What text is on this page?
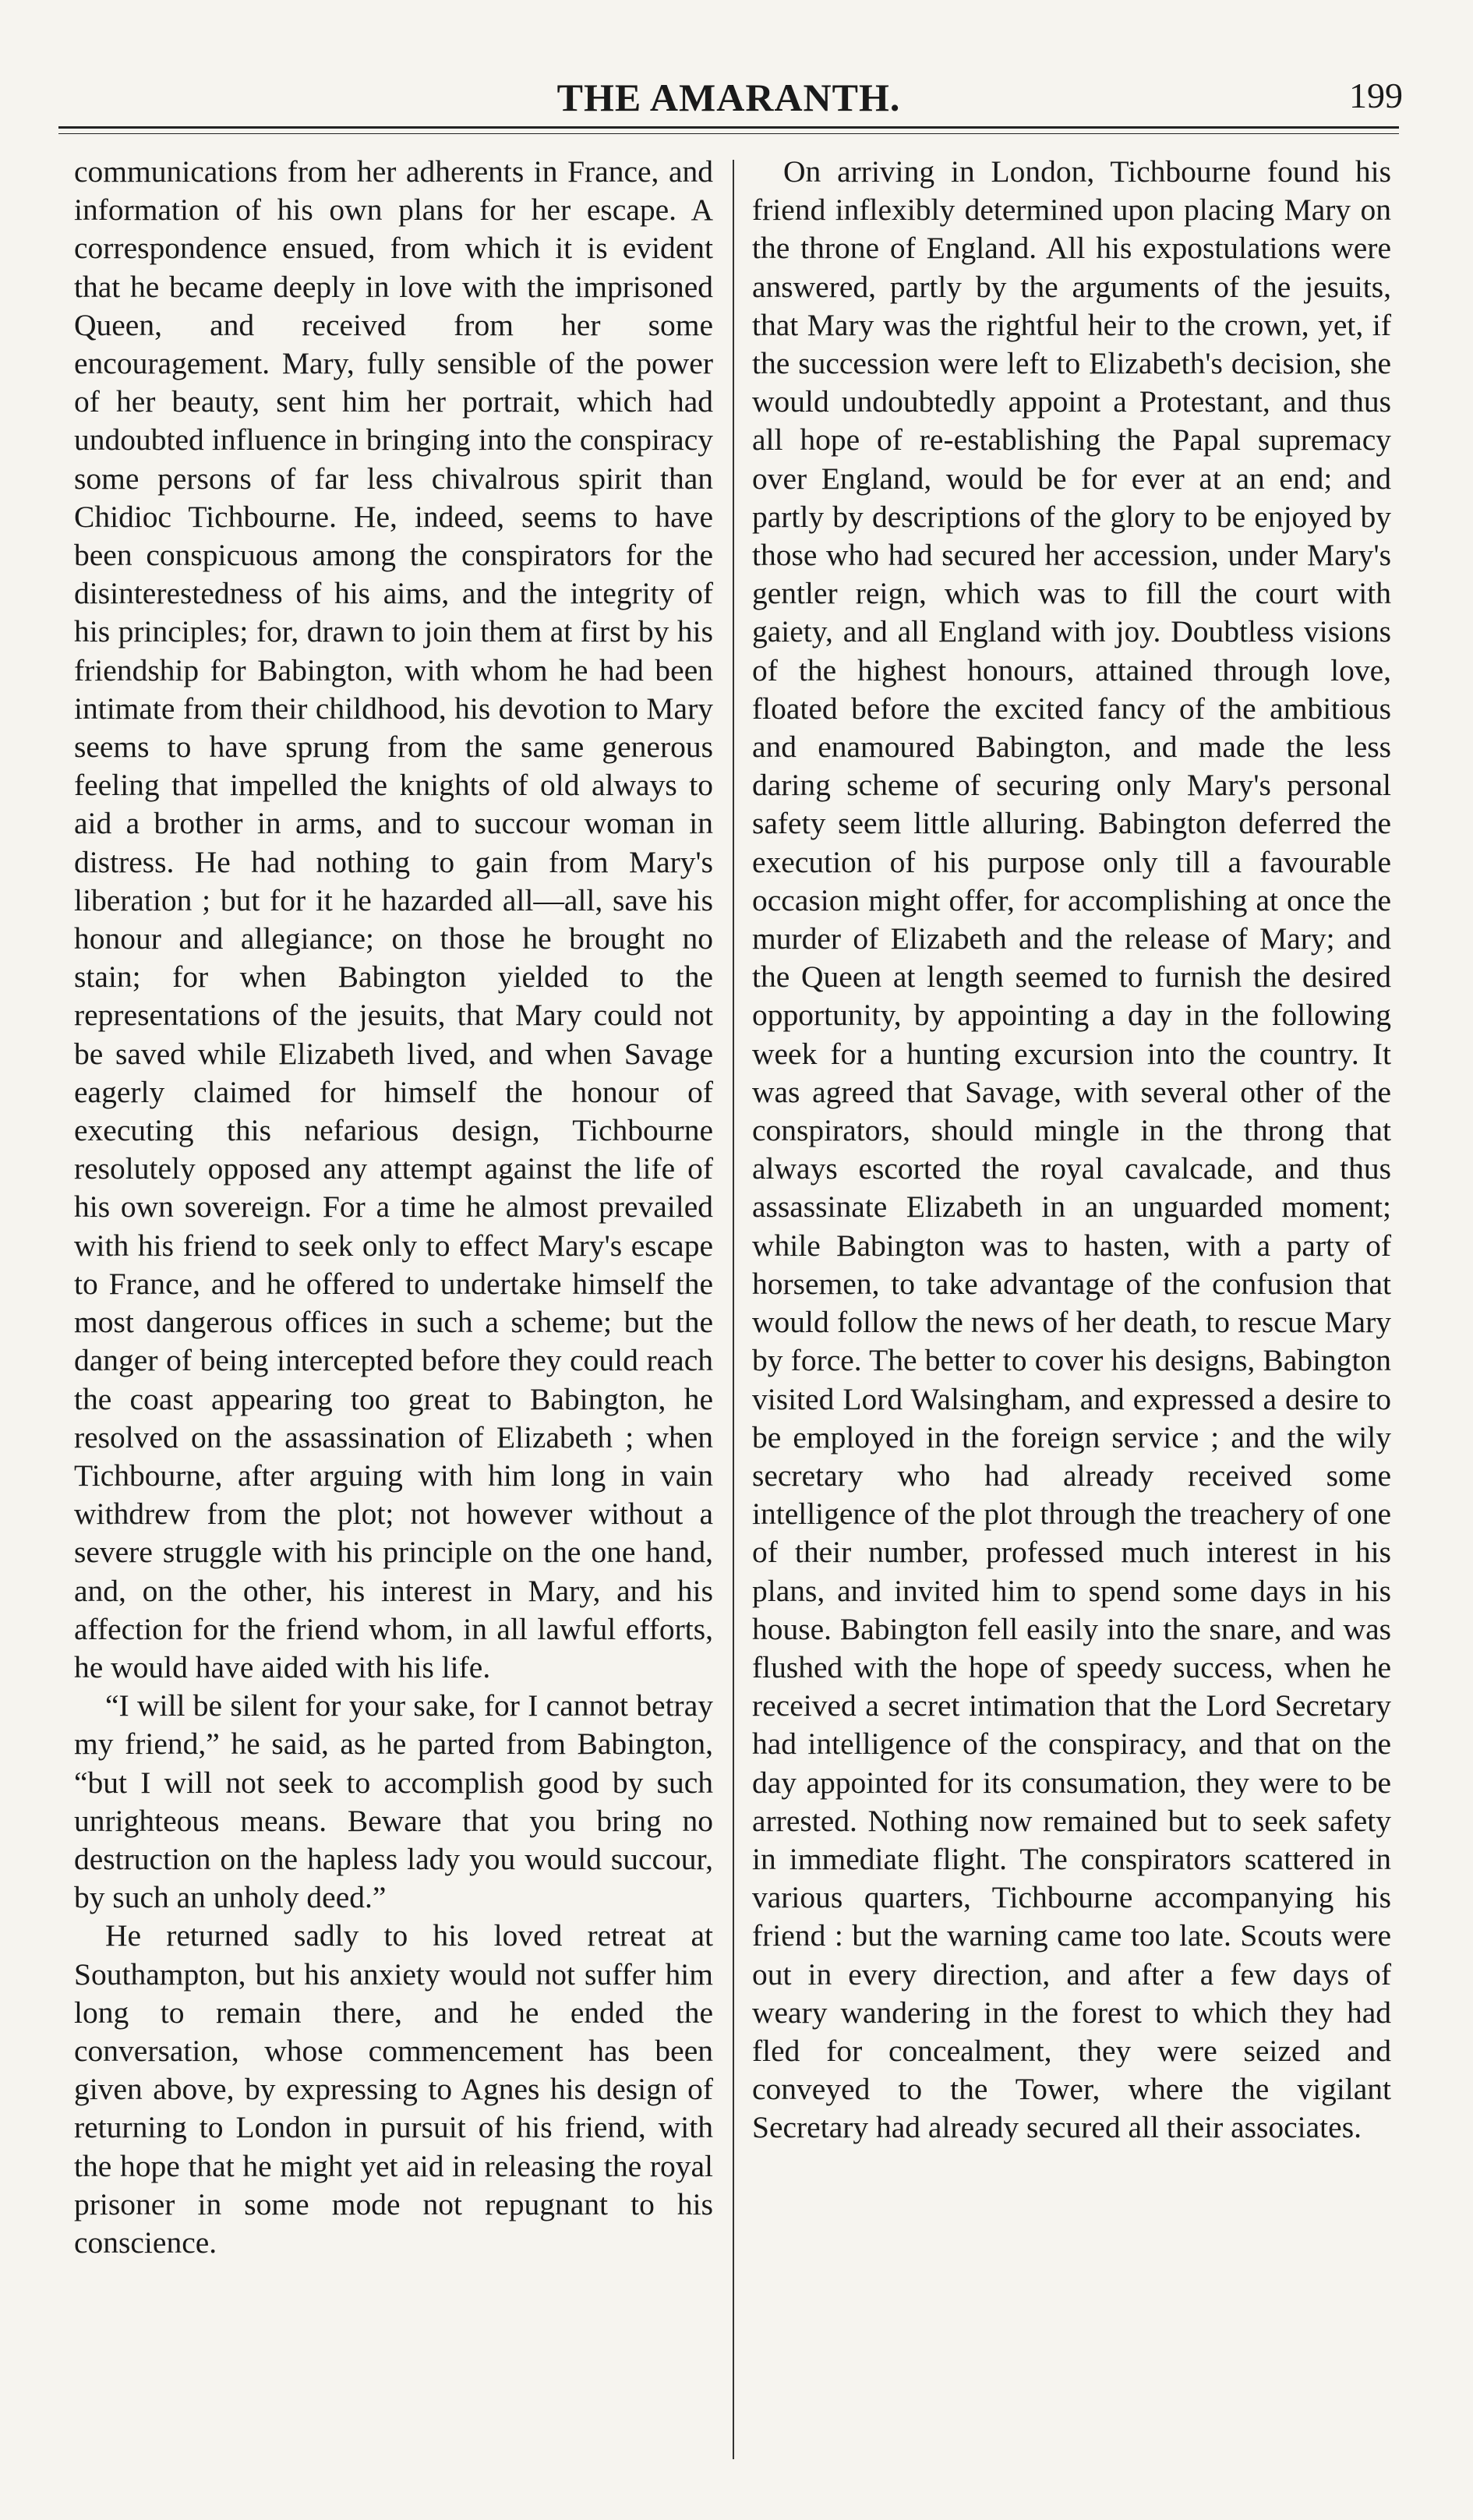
THE AMARANTH.	199

communications from her adherents in France, and information of his own plans for her escape. A correspondence ensued, from which it is evident that he became deeply in love with the imprisoned Queen, and received from her some encouragement. Mary, fully sensible of the power of her beauty, sent him her portrait, which had undoubted influence in bringing into the conspiracy some persons of far less chivalrous spirit than Chidioc Tichbourne. He, indeed, seems to have been conspicuous among the conspirators for the disinterestedness of his aims, and the integrity of his principles; for, drawn to join them at first by his friendship for Babington, with whom he had been intimate from their childhood, his devotion to Mary seems to have sprung from the same generous feeling that impelled the knights of old always to aid a brother in arms, and to succour woman in distress. He had nothing to gain from Mary's liberation ; but for it he hazarded all—all, save his honour and allegiance; on those he brought no stain; for when Babington yielded to the representations of the jesuits, that Mary could not be saved while Elizabeth lived, and when Savage eagerly claimed for himself the honour of executing this nefarious design, Tichbourne resolutely opposed any attempt against the life of his own sovereign. For a time he almost prevailed with his friend to seek only to effect Mary's escape to France, and he offered to undertake himself the most dangerous offices in such a scheme; but the danger of being intercepted before they could reach the coast appearing too great to Babington, he resolved on the assassination of Elizabeth ; when Tichbourne, after arguing with him long in vain withdrew from the plot; not however without a severe struggle with his principle on the one hand, and, on the other, his interest in Mary, and his affection for the friend whom, in all lawful efforts, he would have aided with his life.

“I will be silent for your sake, for I cannot betray my friend,” he said, as he parted from Babington, “but I will not seek to accomplish good by such unrighteous means. Beware that you bring no destruction on the hapless lady you would succour, by such an unholy deed.”

He returned sadly to his loved retreat at Southampton, but his anxiety would not suffer him long to remain there, and he ended the conversation, whose commencement has been given above, by expressing to Agnes his design of returning to London in pursuit of his friend, with the hope that he might yet aid in releasing the royal prisoner in some mode not repugnant to his conscience.

On arriving in London, Tichbourne found his friend inflexibly determined upon placing Mary on the throne of England. All his expostulations were answered, partly by the arguments of the jesuits, that Mary was the rightful heir to the crown, yet, if the succession were left to Elizabeth's decision, she would undoubtedly appoint a Protestant, and thus all hope of re-establishing the Papal supremacy over England, would be for ever at an end; and partly by descriptions of the glory to be enjoyed by those who had secured her accession, under Mary's gentler reign, which was to fill the court with gaiety, and all England with joy. Doubtless visions of the highest honours, attained through love, floated before the excited fancy of the ambitious and enamoured Babington, and made the less daring scheme of securing only Mary's personal safety seem little alluring. Babington deferred the execution of his purpose only till a favourable occasion might offer, for accomplishing at once the murder of Elizabeth and the release of Mary; and the Queen at length seemed to furnish the desired opportunity, by appointing a day in the following week for a hunting excursion into the country. It was agreed that Savage, with several other of the conspirators, should mingle in the throng that always escorted the royal cavalcade, and thus assassinate Elizabeth in an unguarded moment; while Babington was to hasten, with a party of horsemen, to take advantage of the confusion that would follow the news of her death, to rescue Mary by force. The better to cover his designs, Babington visited Lord Walsingham, and expressed a desire to be employed in the foreign service ; and the wily secretary who had already received some intelligence of the plot through the treachery of one of their number, professed much interest in his plans, and invited him to spend some days in his house. Babington fell easily into the snare, and was flushed with the hope of speedy success, when he received a secret intimation that the Lord Secretary had intelligence of the conspiracy, and that on the day appointed for its consumation, they were to be arrested. Nothing now remained but to seek safety in immediate flight. The conspirators scattered in various quarters, Tichbourne accompanying his friend : but the warning came too late. Scouts were out in every direction, and after a few days of weary wandering in the forest to which they had fled for concealment, they were seized and conveyed to the Tower, where the vigilant Secretary had already secured all their associates.
